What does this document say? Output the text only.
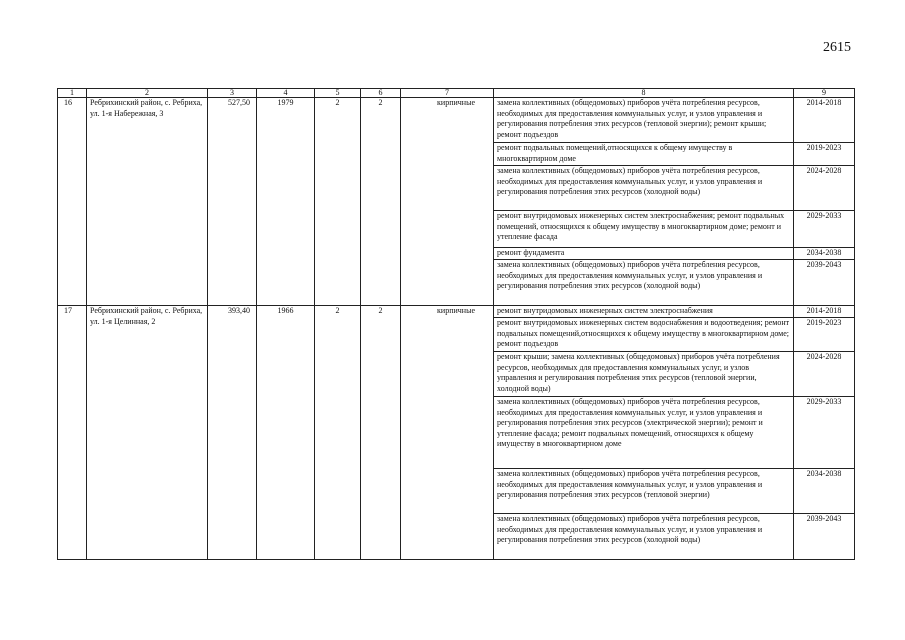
2615
1	2	3	4	5	6	7	8	9
16	Ребрихинский район, с. Ребриха, ул. 1-я Набережная, 3	527,50	1979	2	2	кирпичные	замена коллективных (общедомовых) приборов учёта потребления ресурсов, необходимых для предоставления коммунальных услуг, и узлов управления и регулирования потребления этих ресурсов (тепловой энергии); ремонт крыши; ремонт подъездов	2014-2018
							ремонт подвальных помещений,относящихся к общему имуществу в многоквартирном доме	2019-2023
							замена коллективных (общедомовых) приборов учёта потребления ресурсов, необходимых для предоставления коммунальных услуг, и узлов управления и регулирования потребления этих ресурсов (холодной воды)	2024-2028
							ремонт внутридомовых инженерных систем электроснабжения; ремонт подвальных помещений, относящихся к общему имуществу в многоквартирном доме; ремонт и утепление фасада	2029-2033
							ремонт фундамента	2034-2038
							замена коллективных (общедомовых) приборов учёта потребления ресурсов, необходимых для предоставления коммунальных услуг, и узлов управления и регулирования потребления этих ресурсов (холодной воды)	2039-2043
17	Ребрихинский район, с. Ребриха, ул. 1-я Целинная, 2	393,40	1966	2	2	кирпичные	ремонт внутридомовых инженерных систем электроснабжения	2014-2018
							ремонт внутридомовых инженерных систем водоснабжения и водоотведения; ремонт подвальных помещений,относящихся к общему имуществу в многоквартирном доме; ремонт подъездов	2019-2023
							ремонт крыши; замена коллективных (общедомовых) приборов учёта потребления ресурсов, необходимых для предоставления коммунальных услуг, и узлов управления и регулирования потребления этих ресурсов (тепловой энергии, холодной воды)	2024-2028
							замена коллективных (общедомовых) приборов учёта потребления ресурсов, необходимых для предоставления коммунальных услуг, и узлов управления и регулирования потребления этих ресурсов (электрической энергии); ремонт и утепление фасада; ремонт подвальных помещений, относящихся к общему имуществу в многоквартирном доме	2029-2033
							замена коллективных (общедомовых) приборов учёта потребления ресурсов, необходимых для предоставления коммунальных услуг, и узлов управления и регулирования потребления этих ресурсов (тепловой энергии)	2034-2038
							замена коллективных (общедомовых) приборов учёта потребления ресурсов, необходимых для предоставления коммунальных услуг, и узлов управления и регулирования потребления этих ресурсов (холодной воды)	2039-2043
